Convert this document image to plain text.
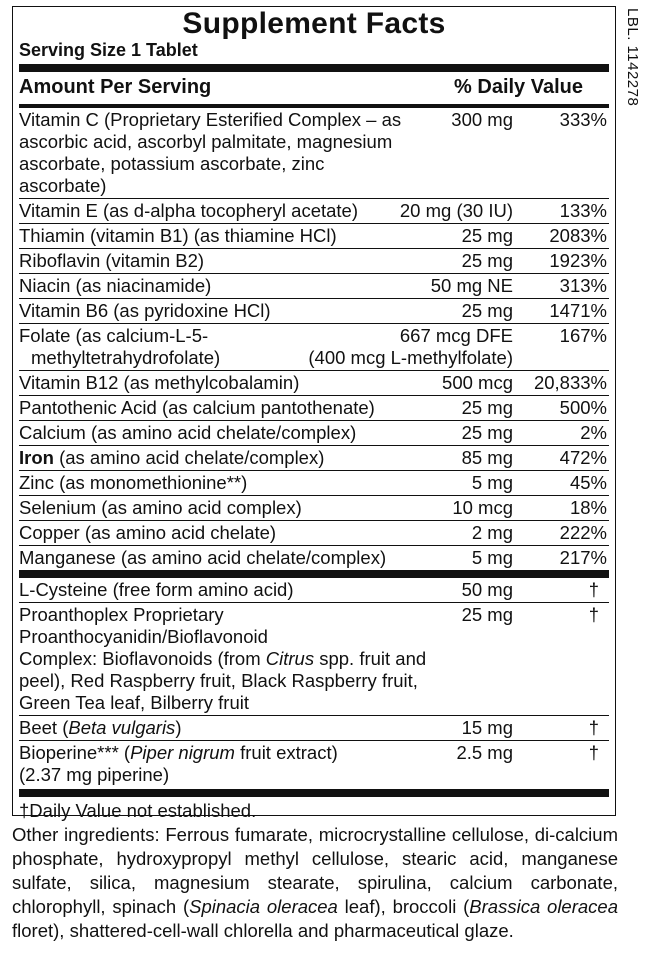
LBL. 1142278
Supplement Facts
Serving Size 1 Tablet
Amount Per Serving	% Daily Value
Vitamin C (Proprietary Esterified Complex – as
ascorbic acid, ascorbyl palmitate, magnesium
ascorbate, potassium ascorbate, zinc ascorbate)
300 mg	333%
Vitamin E (as d-alpha tocopheryl acetate)	20 mg (30 IU)	133%
Thiamin (vitamin B1) (as thiamine HCl)	25 mg 2083%
Riboflavin (vitamin B2)	25 mg 1923%
Niacin (as niacinamide)	50 mg NE	313%
Vitamin B6 (as pyridoxine HCl)	25 mg 1471%
Folate (as calcium-L-5-
methyltetrahydrofolate)
667 mcg DFE
(400 mcg L-methylfolate)
167%
Vitamin B12 (as methylcobalamin)	500 mcg 20,833%
Pantothenic Acid (as calcium pantothenate)	25 mg	500%
Calcium (as amino acid chelate/complex)	25 mg	2%
Iron (as amino acid chelate/complex)	85 mg	472%
Zinc (as monomethionine**)	5 mg	45%
Selenium (as amino acid complex)	10 mcg	18%
Copper (as amino acid chelate)	2 mg	222%
Manganese (as amino acid chelate/complex)	5 mg	217%
L-Cysteine (free form amino acid)	50 mg	†
Proanthoplex Proprietary Proanthocyanidin/Bioflavonoid
Complex: Bioflavonoids (from Citrus spp. fruit and
peel), Red Raspberry fruit, Black Raspberry fruit,
Green Tea leaf, Bilberry fruit
25 mg	†
Beet (Beta vulgaris)	15 mg	†
Bioperine*** (Piper nigrum fruit extract)
(2.37 mg piperine)
2.5 mg	†
†Daily Value not established.
Other ingredients: Ferrous fumarate, microcrystalline cellulose, di-calcium phosphate, hydroxypropyl methyl cellulose, stearic acid, manganese sulfate, silica, magnesium stearate, spirulina, calcium carbonate, chlorophyll, spinach (Spinacia oleracea leaf), broccoli (Brassica oleracea floret), shattered-cell-wall chlorella and pharmaceutical glaze.
